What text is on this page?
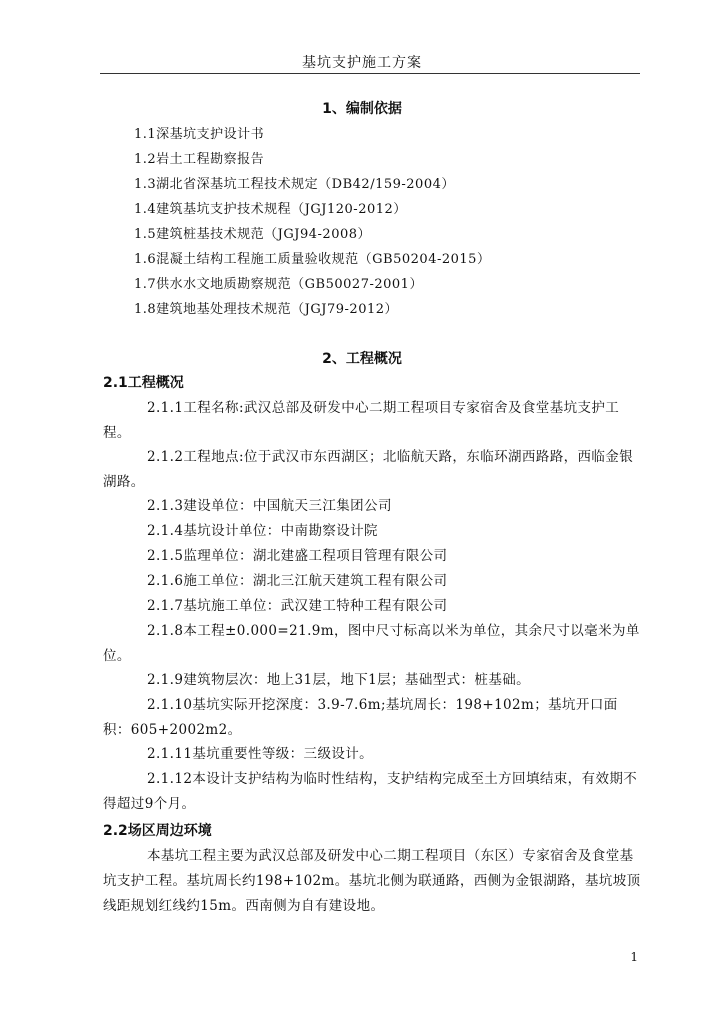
基坑支护施工方案
1、编制依据
1.1深基坑支护设计书
1.2岩土工程勘察报告
1.3湖北省深基坑工程技术规定（DB42/159-2004）
1.4建筑基坑支护技术规程（JGJ120-2012）
1.5建筑桩基技术规范（JGJ94-2008）
1.6混凝土结构工程施工质量验收规范（GB50204-2015）
1.7供水水文地质勘察规范（GB50027-2001）
1.8建筑地基处理技术规范（JGJ79-2012）
2、工程概况
2.1工程概况
2.1.1工程名称:武汉总部及研发中心二期工程项目专家宿舍及食堂基坑支护工程。
2.1.2工程地点:位于武汉市东西湖区；北临航天路，东临环湖西路路，西临金银湖路。
2.1.3建设单位：中国航天三江集团公司
2.1.4基坑设计单位：中南勘察设计院
2.1.5监理单位：湖北建盛工程项目管理有限公司
2.1.6施工单位：湖北三江航天建筑工程有限公司
2.1.7基坑施工单位：武汉建工特种工程有限公司
2.1.8本工程±0.000=21.9m，图中尺寸标高以米为单位，其余尺寸以毫米为单位。
2.1.9建筑物层次：地上31层，地下1层；基础型式：桩基础。
2.1.10基坑实际开挖深度：3.9-7.6m;基坑周长：198+102m；基坑开口面积：605+2002m2。
2.1.11基坑重要性等级：三级设计。
2.1.12本设计支护结构为临时性结构，支护结构完成至土方回填结束，有效期不得超过9个月。
2.2场区周边环境
本基坑工程主要为武汉总部及研发中心二期工程项目（东区）专家宿舍及食堂基坑支护工程。基坑周长约198+102m。基坑北侧为联通路，西侧为金银湖路，基坑坡顶线距规划红线约15m。西南侧为自有建设地。
1
